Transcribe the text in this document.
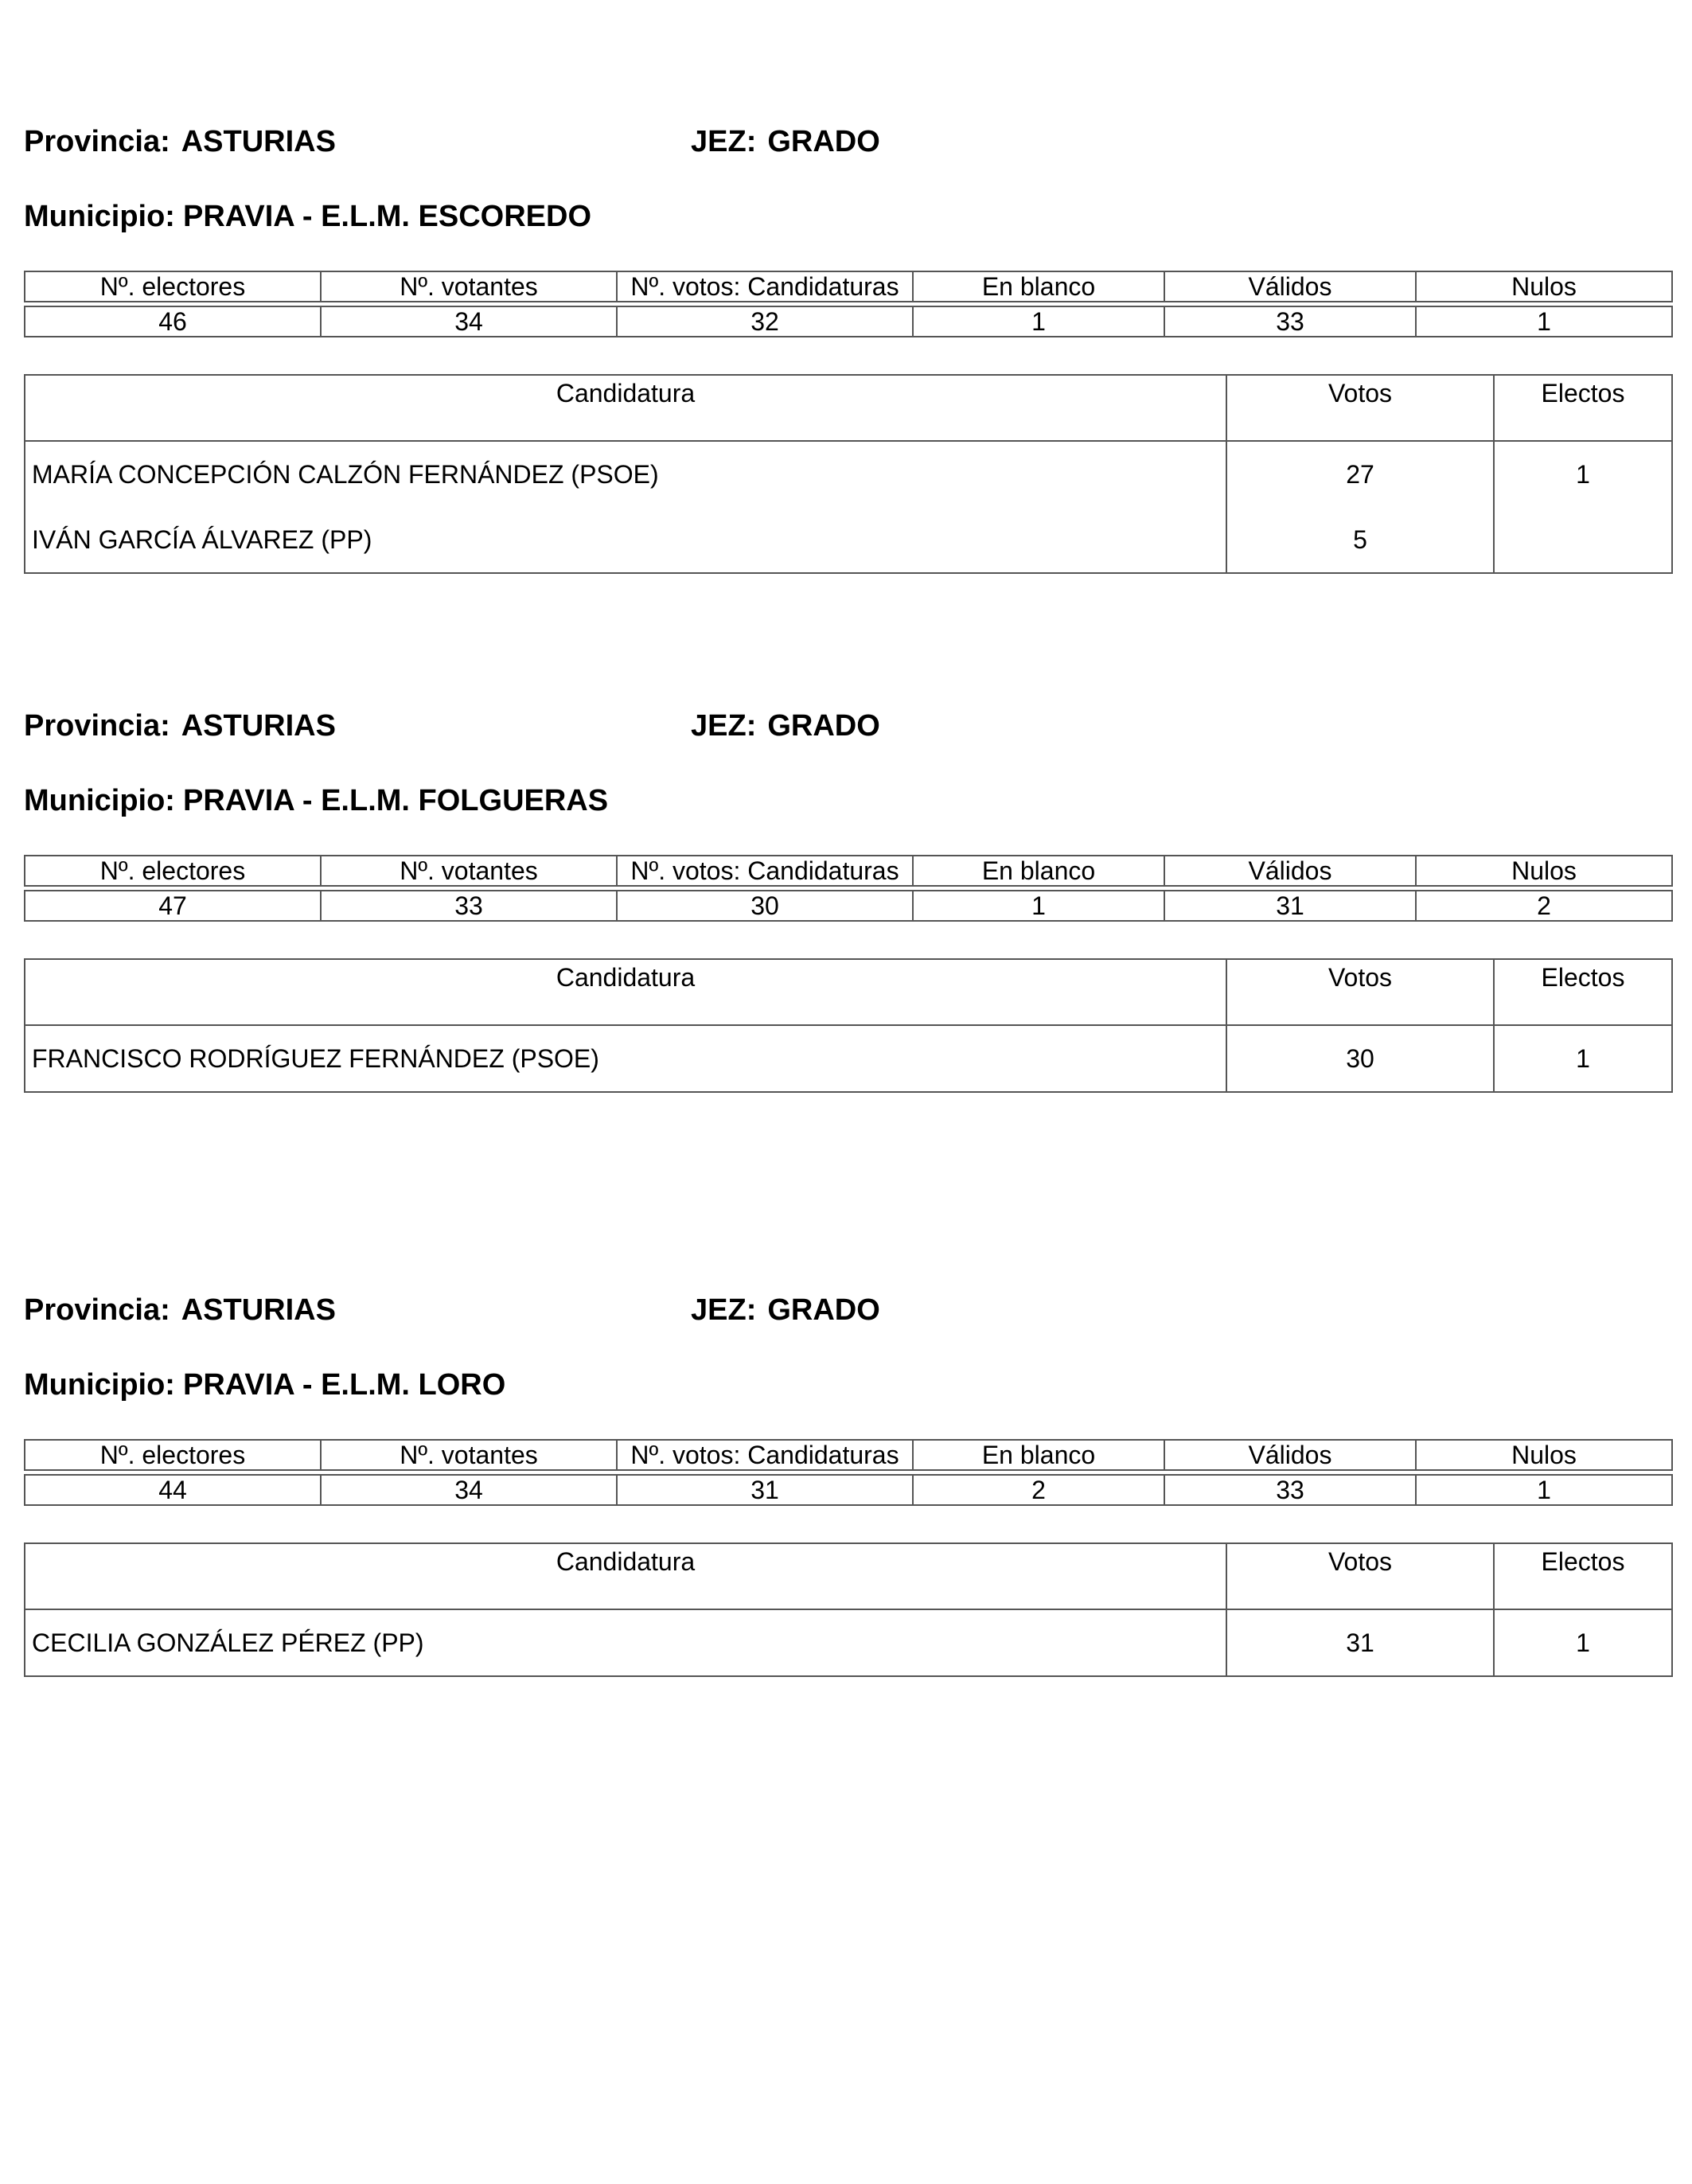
Provincia: ASTURIAS	JEZ: GRADO
Municipio: PRAVIA - E.L.M. ESCOREDO
Nº. electores	Nº. votantes	Nº. votos: Candidaturas	En blanco	Válidos	Nulos

46	34	32	1	33	1
Candidatura	Votos	Electos
MARÍA CONCEPCIÓN CALZÓN FERNÁNDEZ (PSOE)	27	1
IVÁN GARCÍA ÁLVAREZ (PP)	5	
Provincia: ASTURIAS	JEZ: GRADO
Municipio: PRAVIA - E.L.M. FOLGUERAS
Nº. electores	Nº. votantes	Nº. votos: Candidaturas	En blanco	Válidos	Nulos

47	33	30	1	31	2
Candidatura	Votos	Electos
FRANCISCO RODRÍGUEZ FERNÁNDEZ (PSOE)	30	1
Provincia: ASTURIAS	JEZ: GRADO
Municipio: PRAVIA - E.L.M. LORO
Nº. electores	Nº. votantes	Nº. votos: Candidaturas	En blanco	Válidos	Nulos

44	34	31	2	33	1
Candidatura	Votos	Electos
CECILIA GONZÁLEZ PÉREZ (PP)	31	1
